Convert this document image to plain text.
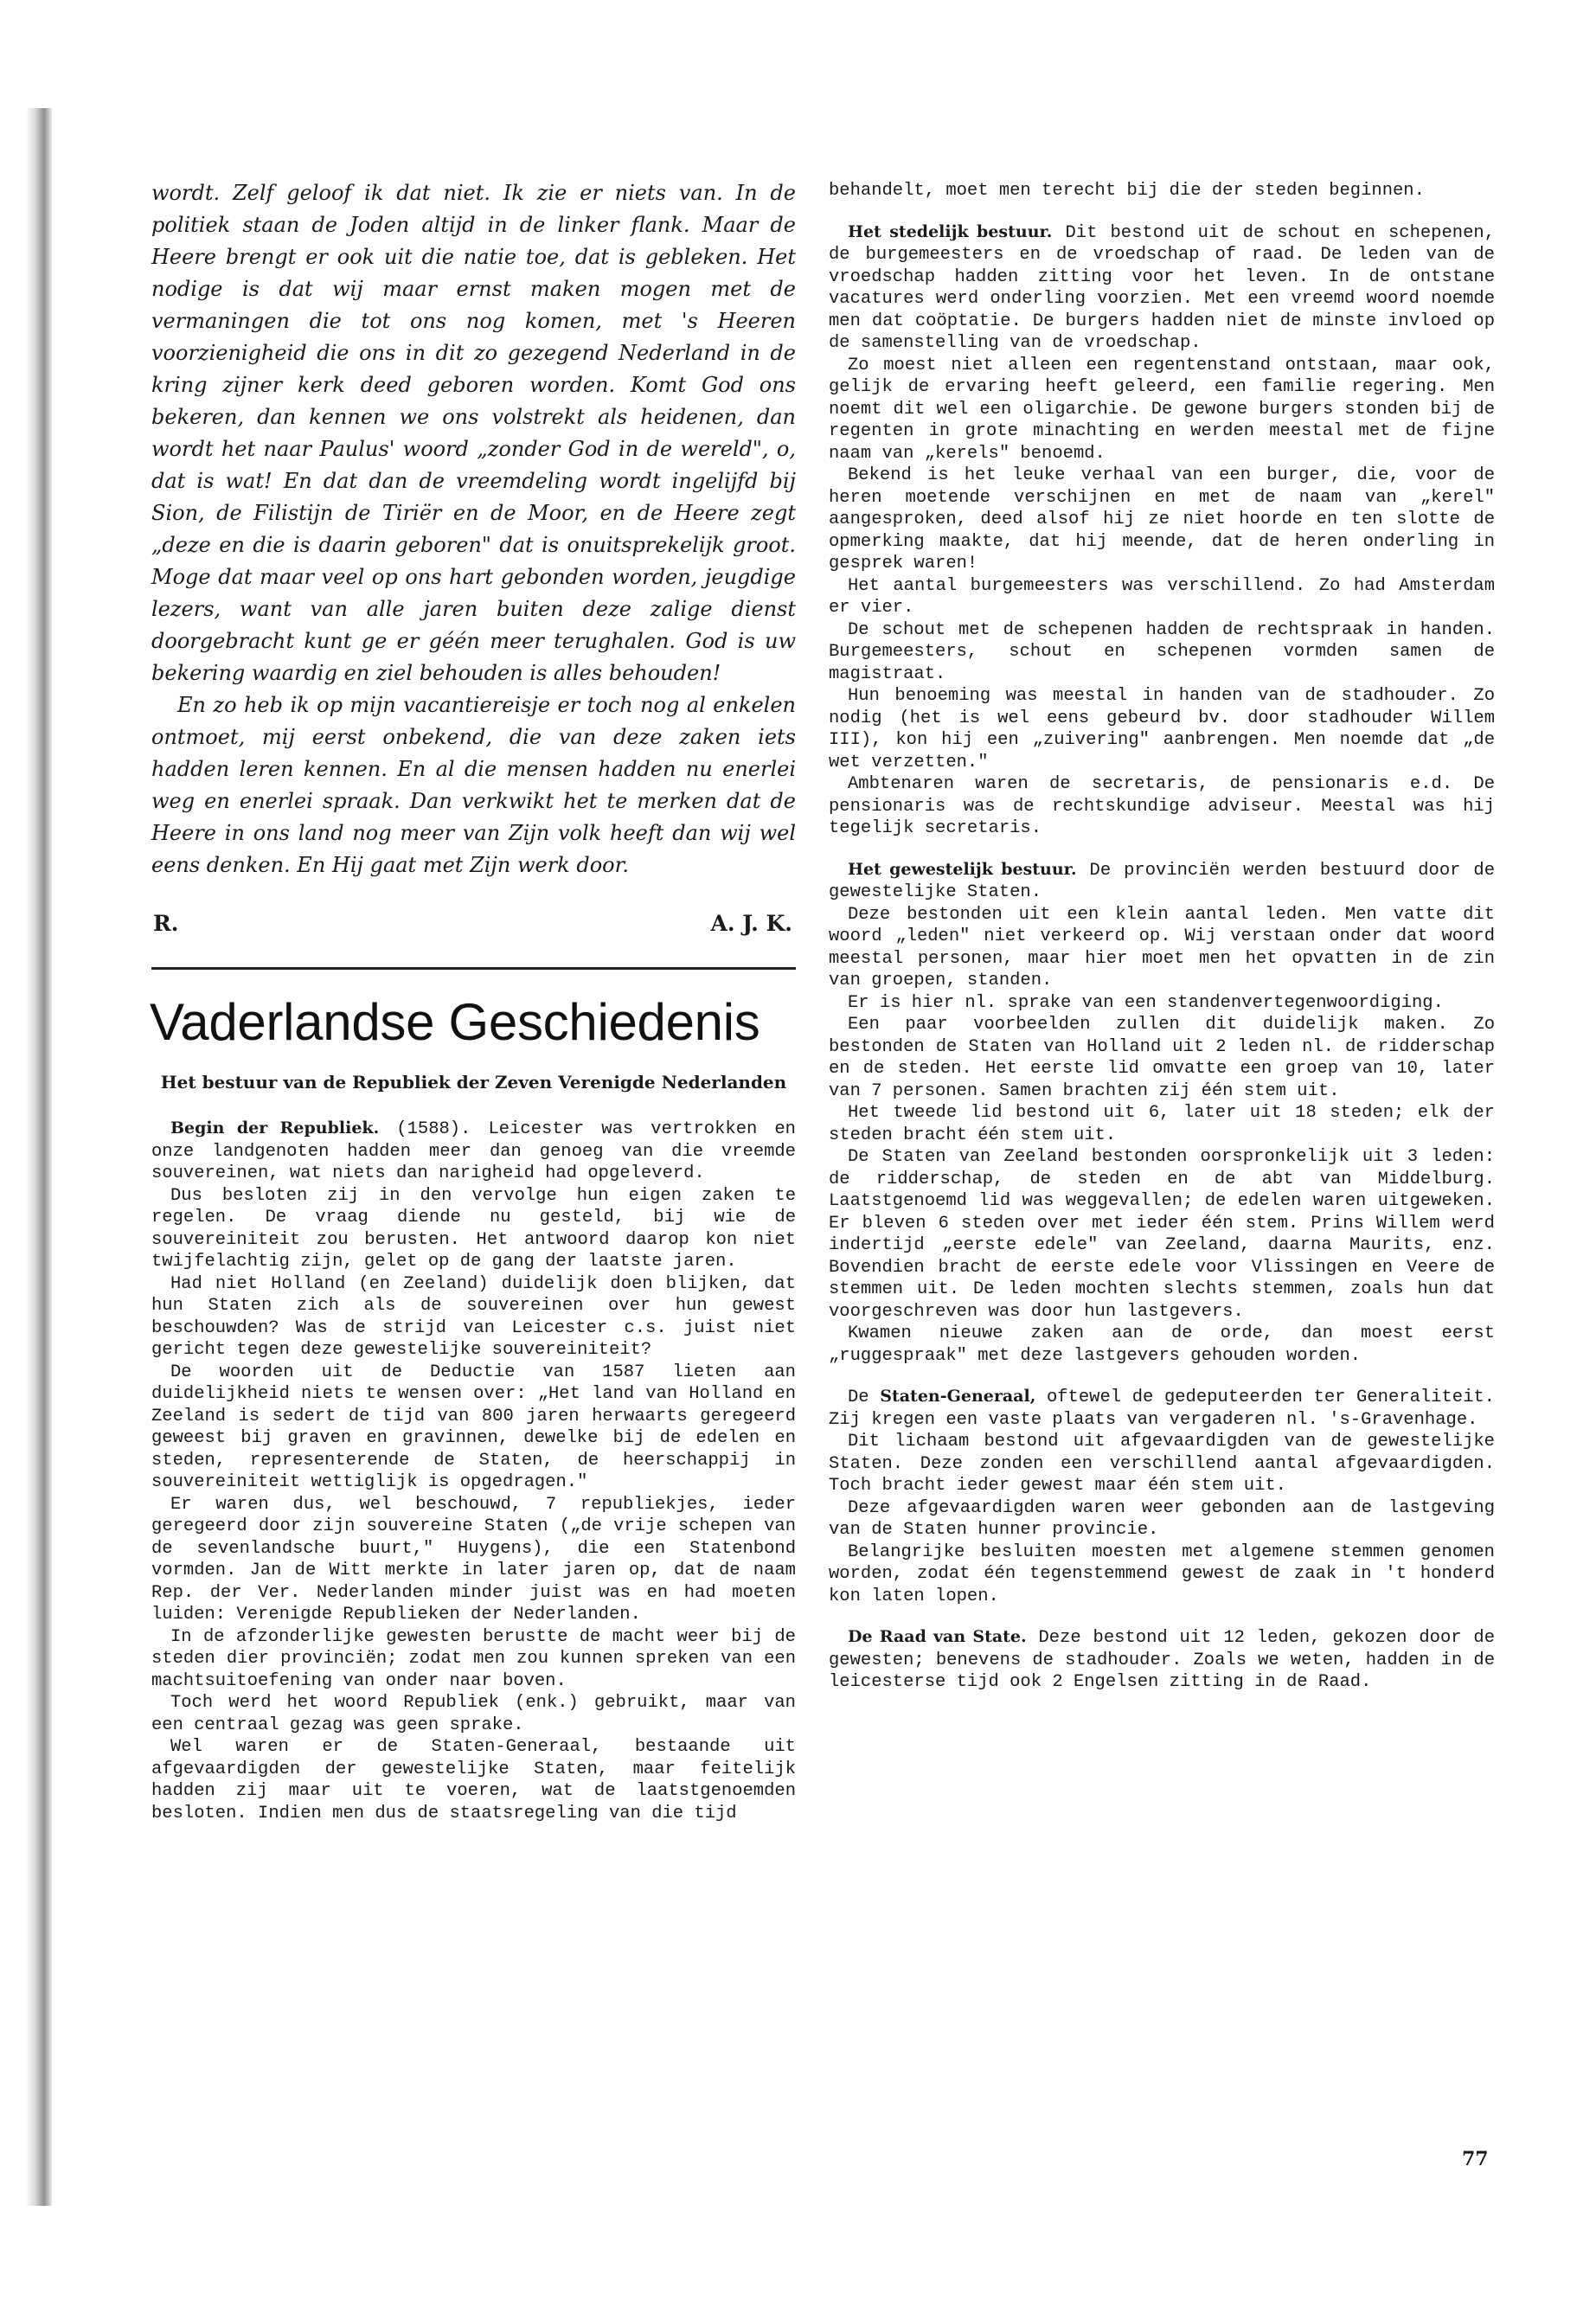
wordt. Zelf geloof ik dat niet. Ik zie er niets van. In de politiek staan de Joden altijd in de linker flank. Maar de Heere brengt er ook uit die natie toe, dat is gebleken. Het nodige is dat wij maar ernst maken mogen met de vermaningen die tot ons nog komen, met 's Heeren voorzienigheid die ons in dit zo gezegend Nederland in de kring zijner kerk deed geboren worden. Komt God ons bekeren, dan kennen we ons volstrekt als heidenen, dan wordt het naar Paulus' woord „zonder God in de wereld", o, dat is wat! En dat dan de vreemdeling wordt ingelijfd bij Sion, de Filistijn de Tiriër en de Moor, en de Heere zegt „deze en die is daarin geboren" dat is onuitsprekelijk groot. Moge dat maar veel op ons hart gebonden worden, jeugdige lezers, want van alle jaren buiten deze zalige dienst doorgebracht kunt ge er géén meer terughalen. God is uw bekering waardig en ziel behouden is alles behouden!

En zo heb ik op mijn vacantiereisje er toch nog al enkelen ontmoet, mij eerst onbekend, die van deze zaken iets hadden leren kennen. En al die mensen hadden nu enerlei weg en enerlei spraak. Dan verkwikt het te merken dat de Heere in ons land nog meer van Zijn volk heeft dan wij wel eens denken. En Hij gaat met Zijn werk door.

R.	A. J. K.
Vaderlandse Geschiedenis
Het bestuur van de Republiek der Zeven Verenigde Nederlanden

Begin der Republiek. (1588). Leicester was vertrokken en onze landgenoten hadden meer dan genoeg van die vreemde souvereinen, wat niets dan narigheid had opgeleverd.

Dus besloten zij in den vervolge hun eigen zaken te regelen. De vraag diende nu gesteld, bij wie de souvereiniteit zou berusten. Het antwoord daarop kon niet twijfelachtig zijn, gelet op de gang der laatste jaren.

Had niet Holland (en Zeeland) duidelijk doen blijken, dat hun Staten zich als de souvereinen over hun gewest beschouwden? Was de strijd van Leicester c.s. juist niet gericht tegen deze gewestelijke souvereiniteit?

De woorden uit de Deductie van 1587 lieten aan duidelijkheid niets te wensen over: „Het land van Holland en Zeeland is sedert de tijd van 800 jaren herwaarts geregeerd geweest bij graven en gravinnen, dewelke bij de edelen en steden, representerende de Staten, de heerschappij in souvereiniteit wettiglijk is opgedragen."

Er waren dus, wel beschouwd, 7 republiekjes, ieder geregeerd door zijn souvereine Staten („de vrije schepen van de sevenlandsche buurt," Huygens), die een Statenbond vormden. Jan de Witt merkte in later jaren op, dat de naam Rep. der Ver. Nederlanden minder juist was en had moeten luiden: Verenigde Republieken der Nederlanden.

In de afzonderlijke gewesten berustte de macht weer bij de steden dier provinciën; zodat men zou kunnen spreken van een machtsuitoefening van onder naar boven.

Toch werd het woord Republiek (enk.) gebruikt, maar van een centraal gezag was geen sprake.

Wel waren er de Staten-Generaal, bestaande uit afgevaardigden der gewestelijke Staten, maar feitelijk hadden zij maar uit te voeren, wat de laatstgenoemden besloten. Indien men dus de staatsregeling van die tijd

behandelt, moet men terecht bij die der steden beginnen.

Het stedelijk bestuur. Dit bestond uit de schout en schepenen, de burgemeesters en de vroedschap of raad. De leden van de vroedschap hadden zitting voor het leven. In de ontstane vacatures werd onderling voorzien. Met een vreemd woord noemde men dat coöptatie. De burgers hadden niet de minste invloed op de samenstelling van de vroedschap.

Zo moest niet alleen een regentenstand ontstaan, maar ook, gelijk de ervaring heeft geleerd, een familie regering. Men noemt dit wel een oligarchie. De gewone burgers stonden bij de regenten in grote minachting en werden meestal met de fijne naam van „kerels" benoemd.

Bekend is het leuke verhaal van een burger, die, voor de heren moetende verschijnen en met de naam van „kerel" aangesproken, deed alsof hij ze niet hoorde en ten slotte de opmerking maakte, dat hij meende, dat de heren onderling in gesprek waren!

Het aantal burgemeesters was verschillend. Zo had Amsterdam er vier.

De schout met de schepenen hadden de rechtspraak in handen. Burgemeesters, schout en schepenen vormden samen de magistraat.

Hun benoeming was meestal in handen van de stadhouder. Zo nodig (het is wel eens gebeurd bv. door stadhouder Willem III), kon hij een „zuivering" aanbrengen. Men noemde dat „de wet verzetten."

Ambtenaren waren de secretaris, de pensionaris e.d. De pensionaris was de rechtskundige adviseur. Meestal was hij tegelijk secretaris.

Het gewestelijk bestuur. De provinciën werden bestuurd door de gewestelijke Staten.

Deze bestonden uit een klein aantal leden. Men vatte dit woord „leden" niet verkeerd op. Wij verstaan onder dat woord meestal personen, maar hier moet men het opvatten in de zin van groepen, standen.

Er is hier nl. sprake van een standenvertegenwoordiging.

Een paar voorbeelden zullen dit duidelijk maken. Zo bestonden de Staten van Holland uit 2 leden nl. de ridderschap en de steden. Het eerste lid omvatte een groep van 10, later van 7 personen. Samen brachten zij één stem uit.

Het tweede lid bestond uit 6, later uit 18 steden; elk der steden bracht één stem uit.

De Staten van Zeeland bestonden oorspronkelijk uit 3 leden: de ridderschap, de steden en de abt van Middelburg. Laatstgenoemd lid was weggevallen; de edelen waren uitgeweken. Er bleven 6 steden over met ieder één stem. Prins Willem werd indertijd „eerste edele" van Zeeland, daarna Maurits, enz. Bovendien bracht de eerste edele voor Vlissingen en Veere de stemmen uit. De leden mochten slechts stemmen, zoals hun dat voorgeschreven was door hun lastgevers.

Kwamen nieuwe zaken aan de orde, dan moest eerst „ruggespraak" met deze lastgevers gehouden worden.

De Staten-Generaal, oftewel de gedeputeerden ter Generaliteit. Zij kregen een vaste plaats van vergaderen nl. 's-Gravenhage.

Dit lichaam bestond uit afgevaardigden van de gewestelijke Staten. Deze zonden een verschillend aantal afgevaardigden. Toch bracht ieder gewest maar één stem uit.

Deze afgevaardigden waren weer gebonden aan de lastgeving van de Staten hunner provincie.

Belangrijke besluiten moesten met algemene stemmen genomen worden, zodat één tegenstemmend gewest de zaak in 't honderd kon laten lopen.

De Raad van State. Deze bestond uit 12 leden, gekozen door de gewesten; benevens de stadhouder. Zoals we weten, hadden in de leicesterse tijd ook 2 Engelsen zitting in de Raad.

77
